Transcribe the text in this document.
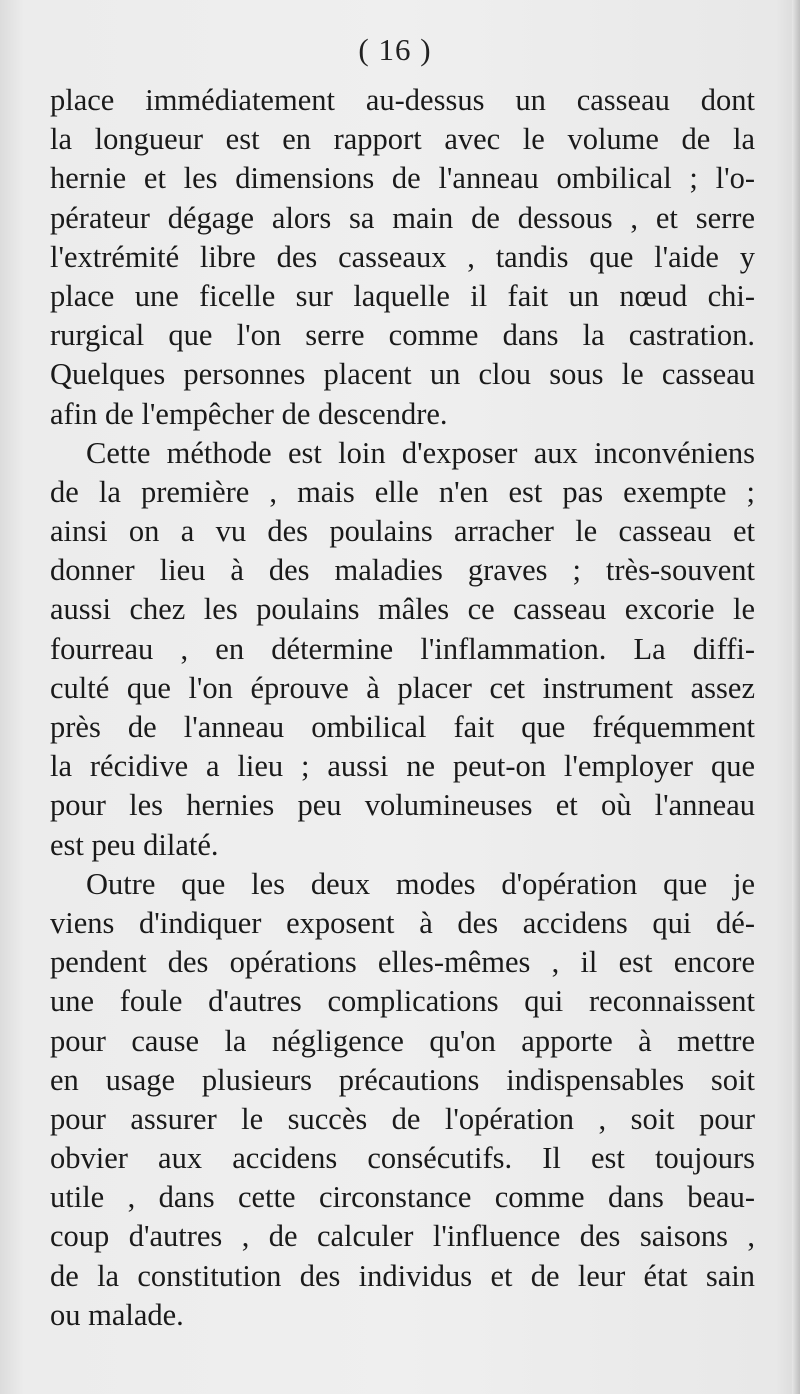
( 16 )
place immédiatement au-dessus un casseau dont
la longueur est en rapport avec le volume de la
hernie et les dimensions de l'anneau ombilical ; l'o-
pérateur dégage alors sa main de dessous , et serre
l'extrémité libre des casseaux , tandis que l'aide y
place une ficelle sur laquelle il fait un nœud chi-
rurgical que l'on serre comme dans la castration.
Quelques personnes placent un clou sous le casseau
afin de l'empêcher de descendre.
Cette méthode est loin d'exposer aux inconvéniens
de la première , mais elle n'en est pas exempte ;
ainsi on a vu des poulains arracher le casseau et
donner lieu à des maladies graves ; très-souvent
aussi chez les poulains mâles ce casseau excorie le
fourreau , en détermine l'inflammation. La diffi-
culté que l'on éprouve à placer cet instrument assez
près de l'anneau ombilical fait que fréquemment
la récidive a lieu ; aussi ne peut-on l'employer que
pour les hernies peu volumineuses et où l'anneau
est peu dilaté.
Outre que les deux modes d'opération que je
viens d'indiquer exposent à des accidens qui dé-
pendent des opérations elles-mêmes , il est encore
une foule d'autres complications qui reconnaissent
pour cause la négligence qu'on apporte à mettre
en usage plusieurs précautions indispensables soit
pour assurer le succès de l'opération , soit pour
obvier aux accidens consécutifs. Il est toujours
utile , dans cette circonstance comme dans beau-
coup d'autres , de calculer l'influence des saisons ,
de la constitution des individus et de leur état sain
ou malade.
